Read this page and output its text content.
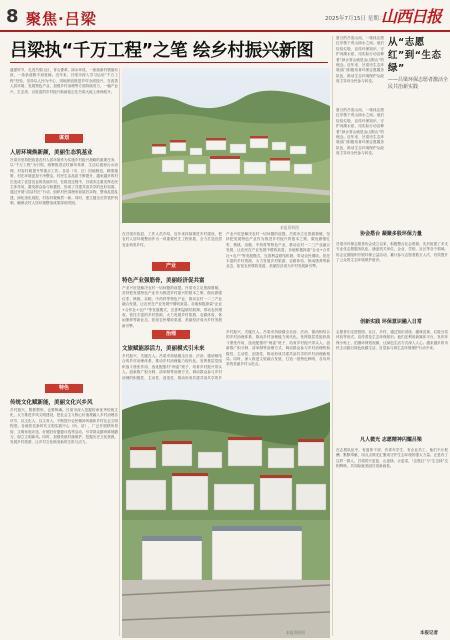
8 聚焦·吕梁	2025年7月15日 星期二
山西日报
吕梁执“千万工程”之笔 绘乡村振兴新图
盛夏时节，走进吕梁山区，青山叠翠，绿水环绕，一座座新村错落有致，一条条道路平坦宽阔。近年来，吕梁市深入学习运用“千万工程”经验，坚持以人民为中心，因地制宜推进乡村全面振兴，在改善人居环境、发展特色产业、加强乡村治理等方面持续发力，一幅产业兴、生态美、百姓富的乡村振兴新画卷正在吕梁大地上徐徐展开。
谋划
人居环境焕新颜，美丽生态筑基业
吕梁市坚持把改善农村人居环境作为实施乡村振兴战略的重要任务，以“千万工程”为引领，统筹推进农村厕所革命、生活垃圾和污水治理、村容村貌提升等重点工作。各县（市、区）因地制宜，精准施策，村庄环境更加干净整洁，村民生活品质不断提升，越来越多的村庄变成了宜居宜业的美丽乡村。在推进过程中，吕梁市注重发挥农民主体作用，激发群众参与积极性，形成了共建共治共享的良好局面。通过开展“清洁村庄”行动，组织村民清理房前屋后杂物，整治乱搭乱建，绿化美化庭院，村容村貌焕然一新。同时，建立健全长效管护机制，确保农村人居环境整治成果得到巩固。
特色
传统文化赋新能，美丽文化兴乡风
乡村振兴，既要塑形，也要铸魂。吕梁市深入挖掘传承优秀传统文化，大力推进乡风文明建设，把社会主义核心价值观融入乡村治理各环节，以文化人、以文育人，不断提升农民精神风貌和乡村社会文明程度。各地依托新时代文明实践中心（所、站），广泛开展移风易俗、文明家庭评选、好媳妇好婆婆评选等活动，引导群众摒弃陈规陋习，树立文明新风。同时，加强传统村落保护，挖掘历史文化资源，发展乡村旅游，让乡村文化焕发新的生机与活力。
本报资料图
在吕梁市临县，工作人员介绍，近年来持续推进乡村建设，把农村人居环境整治作为一项重要民生工程来抓，全力打造宜居宜业和美乡村。
产业
特色产业强筋骨，美丽经济促共富
产业兴旺是解决农村一切问题的前提。吕梁市立足资源禀赋，坚持把发展特色产业作为推进乡村振兴的根本之策，做优做强红枣、核桃、杂粮、中药材等特色产业，推动农村一二三产业融合发展，让农民在产业发展中增收致富。各地积极探索“企业+合作社+农户”等发展模式，完善利益联结机制，带动农民增收。依托丰富的乡村资源，大力发展乡村旅游、农耕体验、休闲康养等新业态，拓宽农民增收渠道，美丽经济成为乡村发展新引擎。
产业兴旺是解决农村一切问题的前提。吕梁市立足资源禀赋，坚持把发展特色产业作为推进乡村振兴的根本之策，做优做强红枣、核桃、杂粮、中药材等特色产业，推动农村一二三产业融合发展，让农民在产业发展中增收致富。各地积极探索“企业+合作社+农户”等发展模式，完善利益联结机制，带动农民增收。依托丰富的乡村资源，大力发展乡村旅游、农耕体验、休闲康养等新业态，拓宽农民增收渠道，美丽经济成为乡村发展新引擎。
治理
文旅赋能添活力，美丽模式引未来
乡村振兴，关键在人。吕梁市持续健全自治、法治、德治相结合的乡村治理体系，推动乡村治理能力现代化。发挥基层党组织战斗堡垒作用，选优配强村“两委”班子，培育乡村振兴带头人。创新推广积分制、清单制等治理方式，调动群众参与乡村治理的积极性、主动性、创造性，推动形成共建共治共享的乡
乡村振兴，关键在人。吕梁市持续健全自治、法治、德治相结合的乡村治理体系，推动乡村治理能力现代化。发挥基层党组织战斗堡垒作用，选优配强村“两委”班子，培育乡村振兴带头人。创新推广积分制、清单制等治理方式，调动群众参与乡村治理的积极性、主动性、创造性，推动形成共建共治共享的乡村治理新格局。同时，深入推进文旅融合发展，打造一批特色鲜明、各具风采的美丽乡村示范点。
本报资料图
夏日的吕梁山间，一抹抹志愿红穿梭于青山绿水之间。他们捡拾垃圾、宣传环保知识、守护河湖水质，用实际行动诠释着“绿水青山就是金山银山”的理念。近年来，吕梁市生态环境部门积极培育环保志愿服务队伍，推动生态环境保护从政府主导向全民参与转变。
从“志愿红”到“生态绿”
——吕梁环保志愿者激活全民共治新实践
夏日的吕梁山间，一抹抹志愿红穿梭于青山绿水之间。他们捡拾垃圾、宣传环保知识、守护河湖水质，用实际行动诠释着“绿水青山就是金山银山”的理念。近年来，吕梁市生态环境部门积极培育环保志愿服务队伍，推动生态环境保护从政府主导向全民参与转变。
协会搭台 凝聚多股环保力量
吕梁市环保志愿者协会成立以来，积极整合社会资源，先后组建了多支专业化志愿服务队伍，涵盖机关单位、企业、学校、社区等各个领域。协会定期组织开展环保公益活动，累计参与志愿者数万人次，有效提升了公众的生态环境保护意识。
创新实践 环保意识融入日常
志愿者们走进校园、社区、乡村，通过知识讲座、趣味竞赛、垃圾分类体验等形式，宣传普及生态环保知识。他们还利用新媒体平台，发布环保小贴士、拍摄环保短视频，让绿色生活方式深入人心。越来越多的市民主动践行绿色低碳生活，自觉参与到生态环境保护行动中来。
凡人微光 志愿精神闪耀吕梁
在志愿队伍中，有退休干部、有青年学生、有企业员工，他们不计报酬、默默奉献，用点点微光汇聚成守护生态环境的强大力量。正是有了这样一群人，吕梁的天更蓝、山更绿、水更清，“志愿红”与“生态绿”交相辉映，共同绘就美丽吕梁新画卷。
本报记者
